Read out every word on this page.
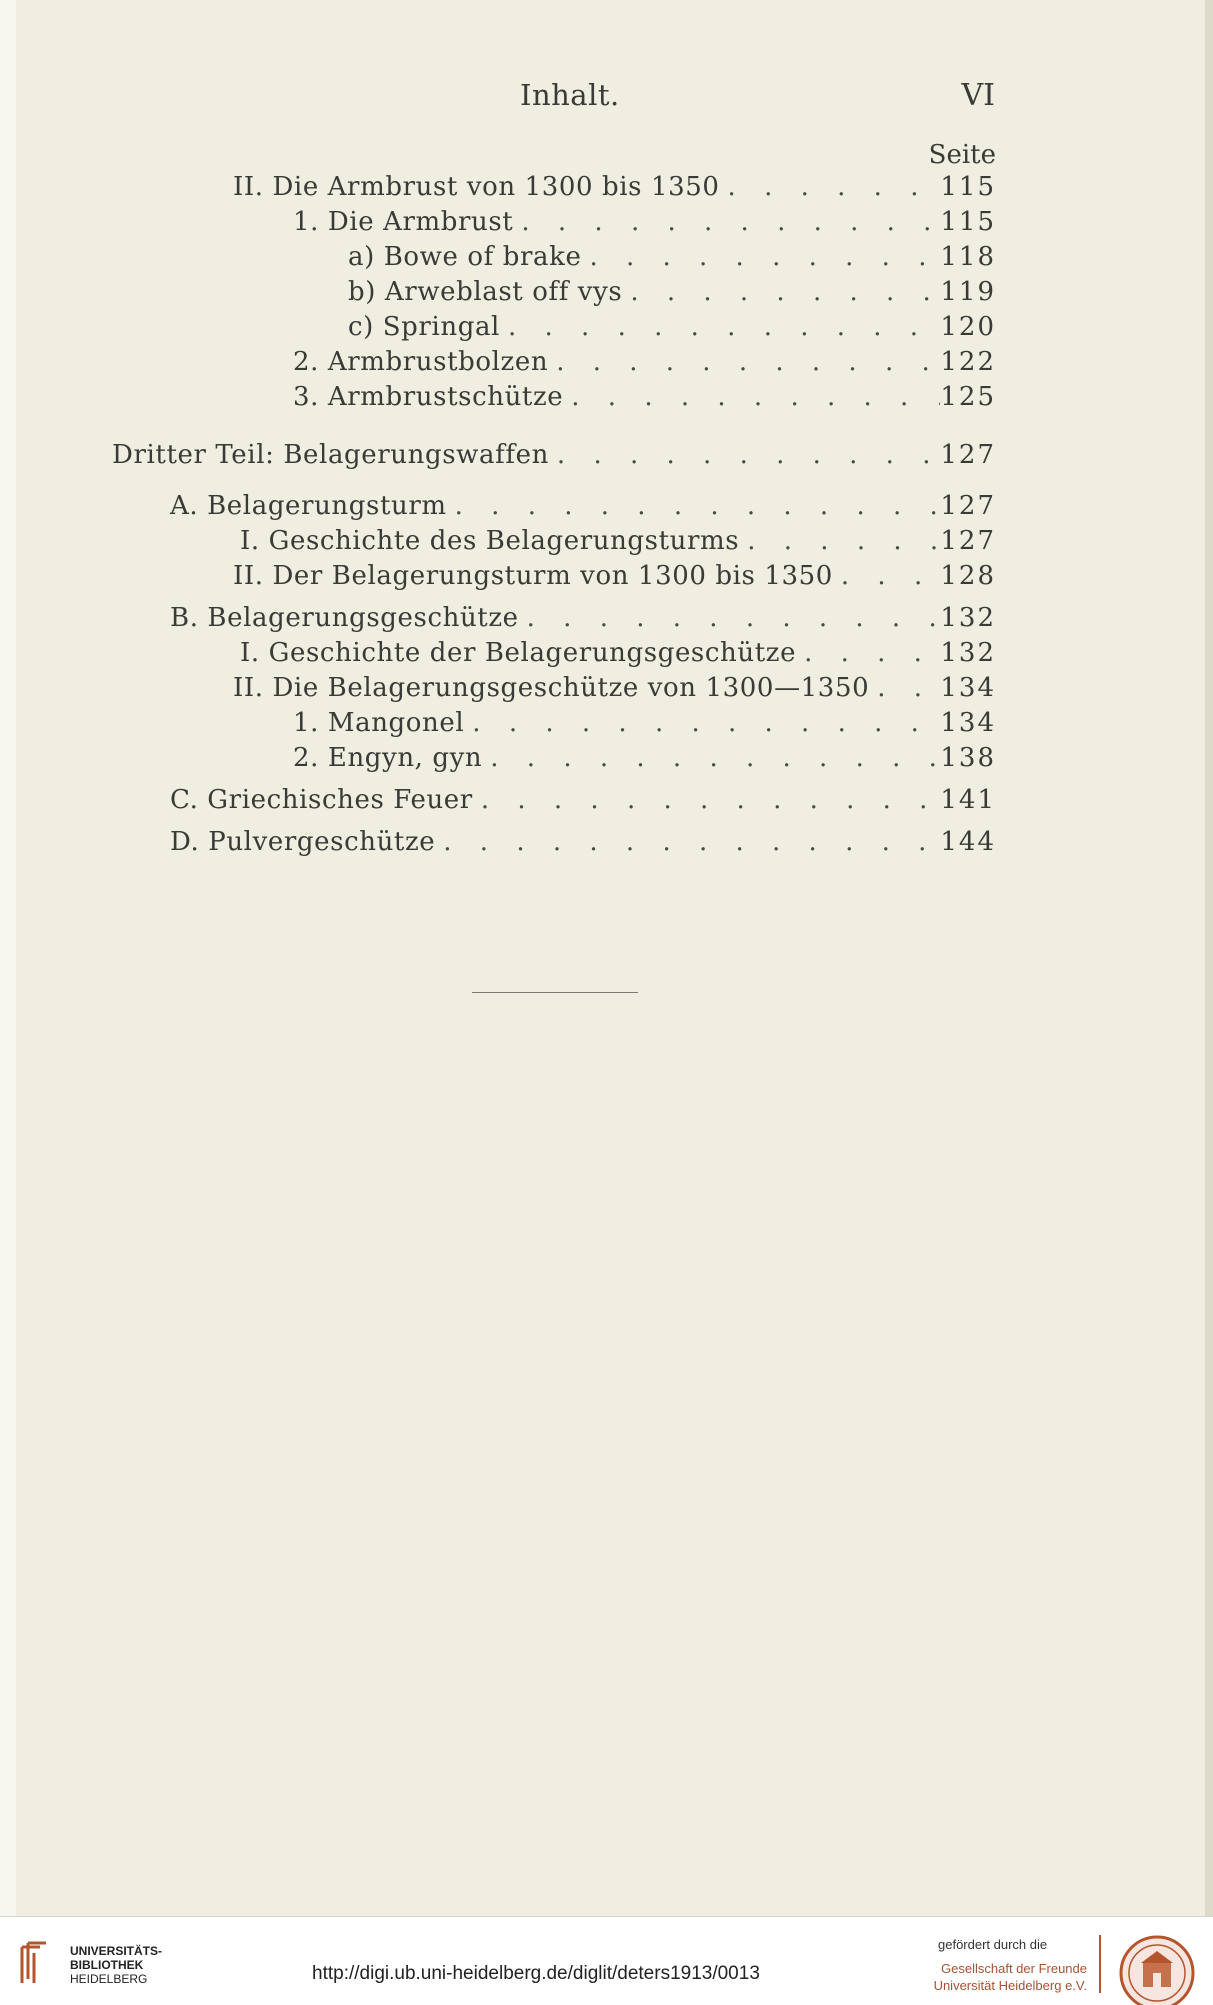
Inhalt.	VI
Seite
II. Die Armbrust von 1300 bis 1350 . . .	115
1. Die Armbrust . . .	115
a) Bowe of brake . . .	118
b) Arweblast off vys . . .	119
c) Springal . . .	120
2. Armbrustbolzen . . .	122
3. Armbrustschütze . . .	125
Dritter Teil: Belagerungswaffen . . .	127
A. Belagerungsturm . . .	127
I. Geschichte des Belagerungsturms . . .	127
II. Der Belagerungsturm von 1300 bis 1350 . . .	128
B. Belagerungsgeschütze . . .	132
I. Geschichte der Belagerungsgeschütze . . .	132
II. Die Belagerungsgeschütze von 1300—1350 . . .	134
1. Mangonel . . .	134
2. Engyn, gyn . . .	138
C. Griechisches Feuer . . .	141
D. Pulvergeschütze . . .	144
UNIVERSITÄTS-
BIBLIOTHEK
HEIDELBERG	http://digi.ub.uni-heidelberg.de/diglit/deters1913/0013
gefördert durch die
Gesellschaft der Freunde
Universität Heidelberg e.V.
